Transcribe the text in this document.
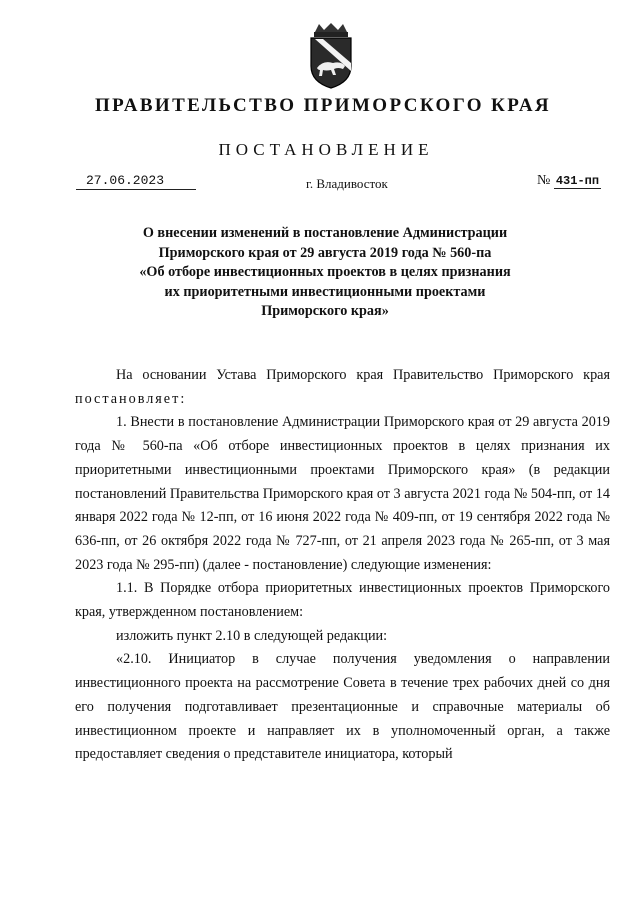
ПРАВИТЕЛЬСТВО ПРИМОРСКОГО КРАЯ
ПОСТАНОВЛЕНИЕ
27.06.2023	г. Владивосток	№ 431-пп
О внесении изменений в постановление Администрации
Приморского края от 29 августа 2019 года № 560-па
«Об отборе инвестиционных проектов в целях признания
их приоритетными инвестиционными проектами
Приморского края»

На основании Устава Приморского края Правительство Приморского края постановляет:

1. Внести в постановление Администрации Приморского края от 29 августа 2019 года № 560-па «Об отборе инвестиционных проектов в целях признания их приоритетными инвестиционными проектами Приморского края» (в редакции постановлений Правительства Приморского края от 3 августа 2021 года № 504-пп, от 14 января 2022 года № 12-пп, от 16 июня 2022 года № 409-пп, от 19 сентября 2022 года № 636-пп, от 26 октября 2022 года № 727-пп, от 21 апреля 2023 года № 265-пп, от 3 мая 2023 года № 295-пп) (далее - постановление) следующие изменения:

1.1. В Порядке отбора приоритетных инвестиционных проектов Приморского края, утвержденном постановлением:

изложить пункт 2.10 в следующей редакции:

«2.10. Инициатор в случае получения уведомления о направлении инвестиционного проекта на рассмотрение Совета в течение трех рабочих дней со дня его получения подготавливает презентационные и справочные материалы об инвестиционном проекте и направляет их в уполномоченный орган, а также предоставляет сведения о представителе инициатора, который
